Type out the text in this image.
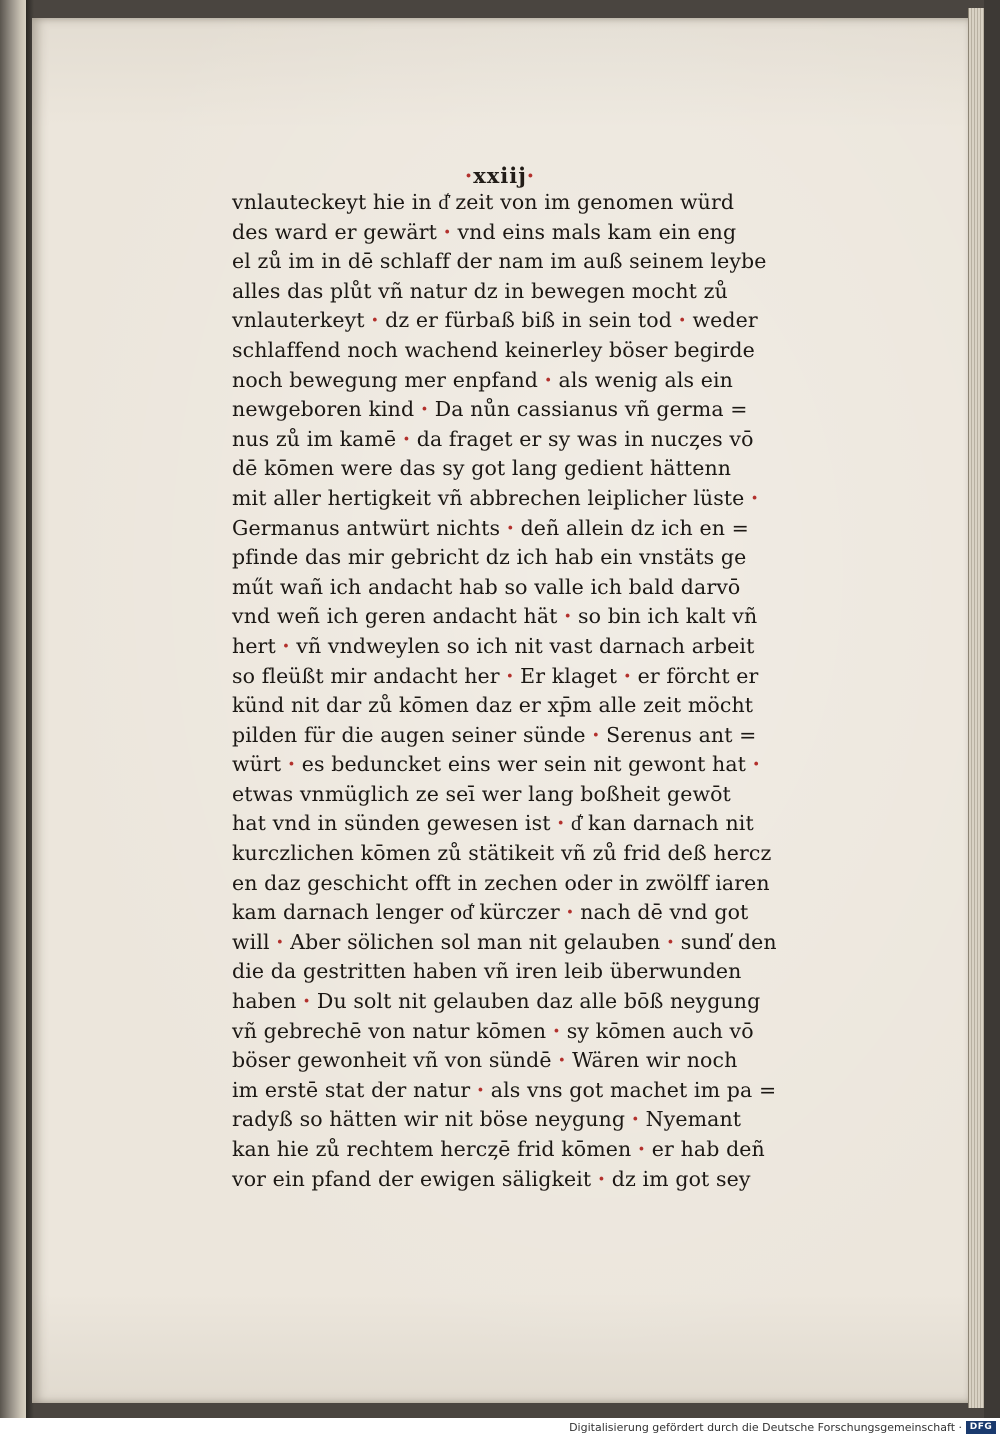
·xxiij·
vnlauteckeyt hie in d zeit von im genomen würd
des ward er gewärt · vnd eins mals kam ein eng
el zů im in dē schlaff der nam im auß seinem leybe
alles das plůt vñ natur dz in bewegen mocht zů
vnlauterkeyt · dz er fürbaß biß in sein tod · weder
schlaffend noch wachend keinerley böser begirde
noch bewegung mer enpfand · als wenig als ein
newgeboren kind · Da nůn cassianus vñ germa =
nus zů im kamē · da fraget er sy was in nucȥes vō
dē kōmen were das sy got lang gedient hättenn
mit aller hertigkeit vñ abbrechen leiplicher lüste ·
Germanus antwürt nichts · deñ allein dz ich en =
pfinde das mir gebricht dz ich hab ein vnstäts ge
műt wañ ich andacht hab so valle ich bald darvō
vnd weñ ich geren andacht hät · so bin ich kalt vñ
hert · vñ vndweylen so ich nit vast darnach arbeit
so fleüßt mir andacht her · Er klaget · er förcht er
künd nit dar zů kōmen daz er xpm alle zeit möcht
pilden für die augen seiner sünde · Serenus ant =
würt · es beduncket eins wer sein nit gewont hat ·
etwas vnmüglich ze seī wer lang boßheit gewōt
hat vnd in sünden gewesen ist · d kan darnach nit
kurczlichen kōmen zů stätikeit vñ zů frid deß hercz
en daz geschicht offt in zechen oder in zwölff iaren
kam darnach lenger od kürczer · nach dē vnd got
will · Aber sölichen sol man nit gelauben · sunď den
die da gestritten haben vñ iren leib überwunden
haben · Du solt nit gelauben daz alle bōß neygung
vñ gebrechē von natur kōmen · sy kōmen auch vō
böser gewonheit vñ von sündē · Wären wir noch
im erstē stat der natur · als vns got machet im pa =
radyß so hätten wir nit böse neygung · Nyemant
kan hie zů rechtem hercȥē frid kōmen · er hab deñ
vor ein pfand der ewigen säligkeit · dz im got sey
Digitalisierung gefördert durch die Deutsche Forschungsgemeinschaft · DFG
